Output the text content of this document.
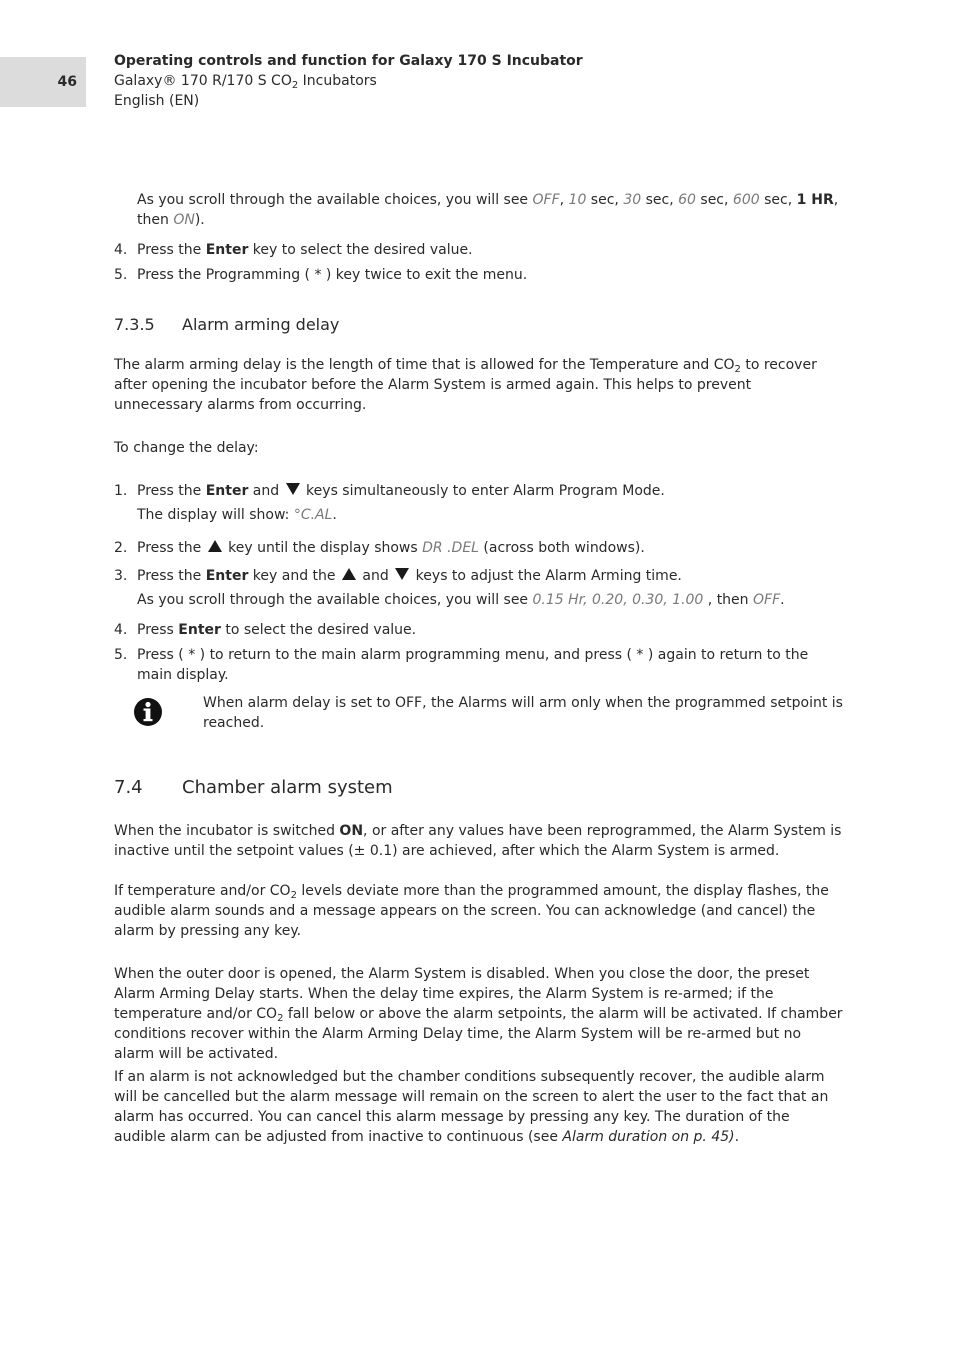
46
Operating controls and function for Galaxy 170 S Incubator
Galaxy® 170 R/170 S $CO_2$ Incubators
English (EN)
As you scroll through the available choices, you will see OFF, 10 sec, 30 sec, 60 sec, 600 sec, 1 HR, then ON).
4. Press the Enter key to select the desired value.
5. Press the Programming ( * ) key twice to exit the menu.
7.3.5 Alarm arming delay
The alarm arming delay is the length of time that is allowed for the Temperature and $CO_2$ to recover after opening the incubator before the Alarm System is armed again. This helps to prevent unnecessary alarms from occurring.
To change the delay:
1. Press the Enter and  keys simultaneously to enter Alarm Program Mode.
The display will show: °C.AL.
2. Press the  key until the display shows DR .DEL (across both windows).
3. Press the Enter key and the  and  keys to adjust the Alarm Arming time.
As you scroll through the available choices, you will see 0.15 Hr, 0.20, 0.30, 1.00 , then OFF.
4. Press Enter to select the desired value.
5. Press ( * ) to return to the main alarm programming menu, and press ( * ) again to return to the main display.
When alarm delay is set to OFF, the Alarms will arm only when the programmed setpoint is reached.
7.4 Chamber alarm system
When the incubator is switched ON, or after any values have been reprogrammed, the Alarm System is inactive until the setpoint values (± 0.1) are achieved, after which the Alarm System is armed.
If temperature and/or $CO_2$ levels deviate more than the programmed amount, the display flashes, the audible alarm sounds and a message appears on the screen. You can acknowledge (and cancel) the alarm by pressing any key.
When the outer door is opened, the Alarm System is disabled. When you close the door, the preset Alarm Arming Delay starts. When the delay time expires, the Alarm System is re-armed; if the temperature and/or $CO_2$ fall below or above the alarm setpoints, the alarm will be activated. If chamber conditions recover within the Alarm Arming Delay time, the Alarm System will be re-armed but no alarm will be activated.
If an alarm is not acknowledged but the chamber conditions subsequently recover, the audible alarm will be cancelled but the alarm message will remain on the screen to alert the user to the fact that an alarm has occurred. You can cancel this alarm message by pressing any key. The duration of the audible alarm can be adjusted from inactive to continuous (see Alarm duration on p. 45).
